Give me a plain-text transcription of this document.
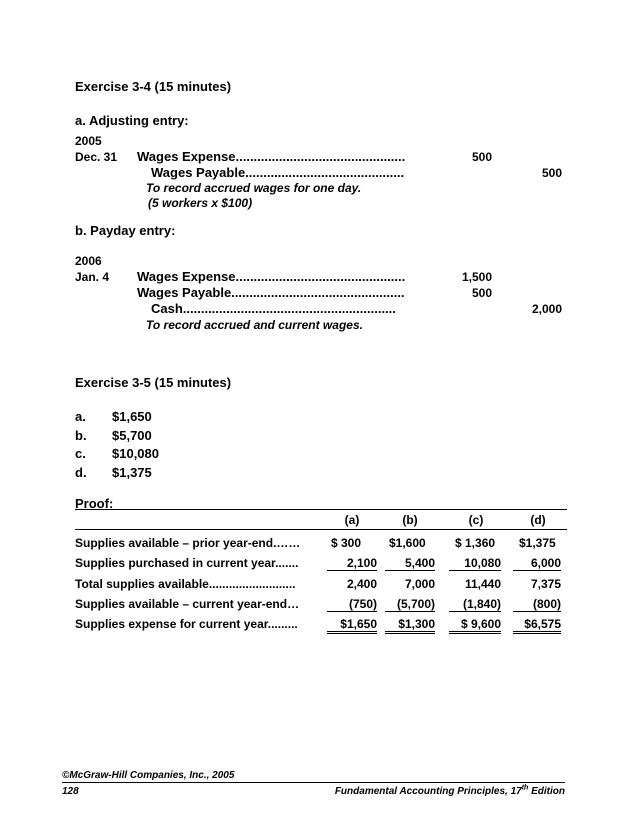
Exercise 3-4 (15 minutes)
a. Adjusting entry:
2005
Dec. 31 Wages Expense...............................................	500
Wages Payable............................................	500
To record accrued wages for one day.
(5 workers x $100)
b. Payday entry:
2006
Jan. 4 Wages Expense...............................................	1,500
Wages Payable................................................	500
Cash...........................................................	2,000
To record accrued and current wages.
Exercise 3-5 (15 minutes)
a. $1,650
b. $5,700
c. $10,080
d. $1,375
Proof:
(a)	(b)	(c)	(d)
Supplies available – prior year-end.……	$ 300 $1,600 $ 1,360 $1,375
Supplies purchased in current year.......	2,100	5,400	10,080	6,000
Total supplies available..........................	2,400	7,000	11,440	7,375
Supplies available – current year-end…	(750)	(5,700)	(1,840)	(800)
Supplies expense for current year.........	$1,650	$1,300	$ 9,600	$6,575
©McGraw-Hill Companies, Inc., 2005
128	Fundamental Accounting Principles, 17th Edition
